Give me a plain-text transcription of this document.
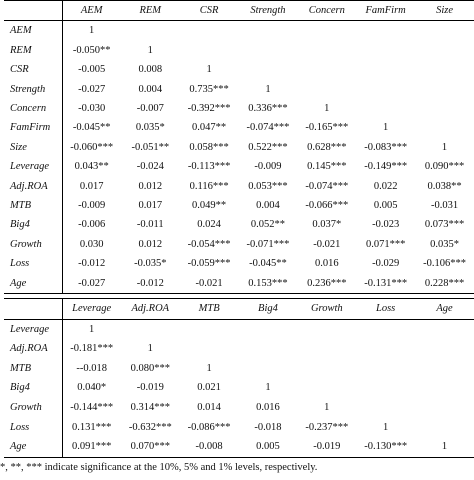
	AEM	REM	CSR	Strength	Concern	FamFirm	Size
AEM	1						
REM	-0.050**	1					
CSR	-0.005	0.008	1				
Strength	-0.027	0.004	0.735***	1			
Concern	-0.030	-0.007	-0.392***	0.336***	1		
FamFirm	-0.045**	0.035*	0.047**	-0.074***	-0.165***	1	
Size	-0.060***	-0.051**	0.058***	0.522***	0.628***	-0.083***	1
Leverage	0.043**	-0.024	-0.113***	-0.009	0.145***	-0.149***	0.090***
Adj.ROA	0.017	0.012	0.116***	0.053***	-0.074***	0.022	0.038**
MTB	-0.009	0.017	0.049**	0.004	-0.066***	0.005	-0.031
Big4	-0.006	-0.011	0.024	0.052**	0.037*	-0.023	0.073***
Growth	0.030	0.012	-0.054***	-0.071***	-0.021	0.071***	0.035*
Loss	-0.012	-0.035*	-0.059***	-0.045**	0.016	-0.029	-0.106***
Age	-0.027	-0.012	-0.021	0.153***	0.236***	-0.131***	0.228***
	Leverage	Adj.ROA	MTB	Big4	Growth	Loss	Age
Leverage	1						
Adj.ROA	-0.181***	1					
MTB	--0.018	0.080***	1				
Big4	0.040*	-0.019	0.021	1			
Growth	-0.144***	0.314***	0.014	0.016	1		
Loss	0.131***	-0.632***	-0.086***	-0.018	-0.237***	1	
Age	0.091***	0.070***	-0.008	0.005	-0.019	-0.130***	1
*, **, *** indicate significance at the 10%, 5% and 1% levels, respectively.
